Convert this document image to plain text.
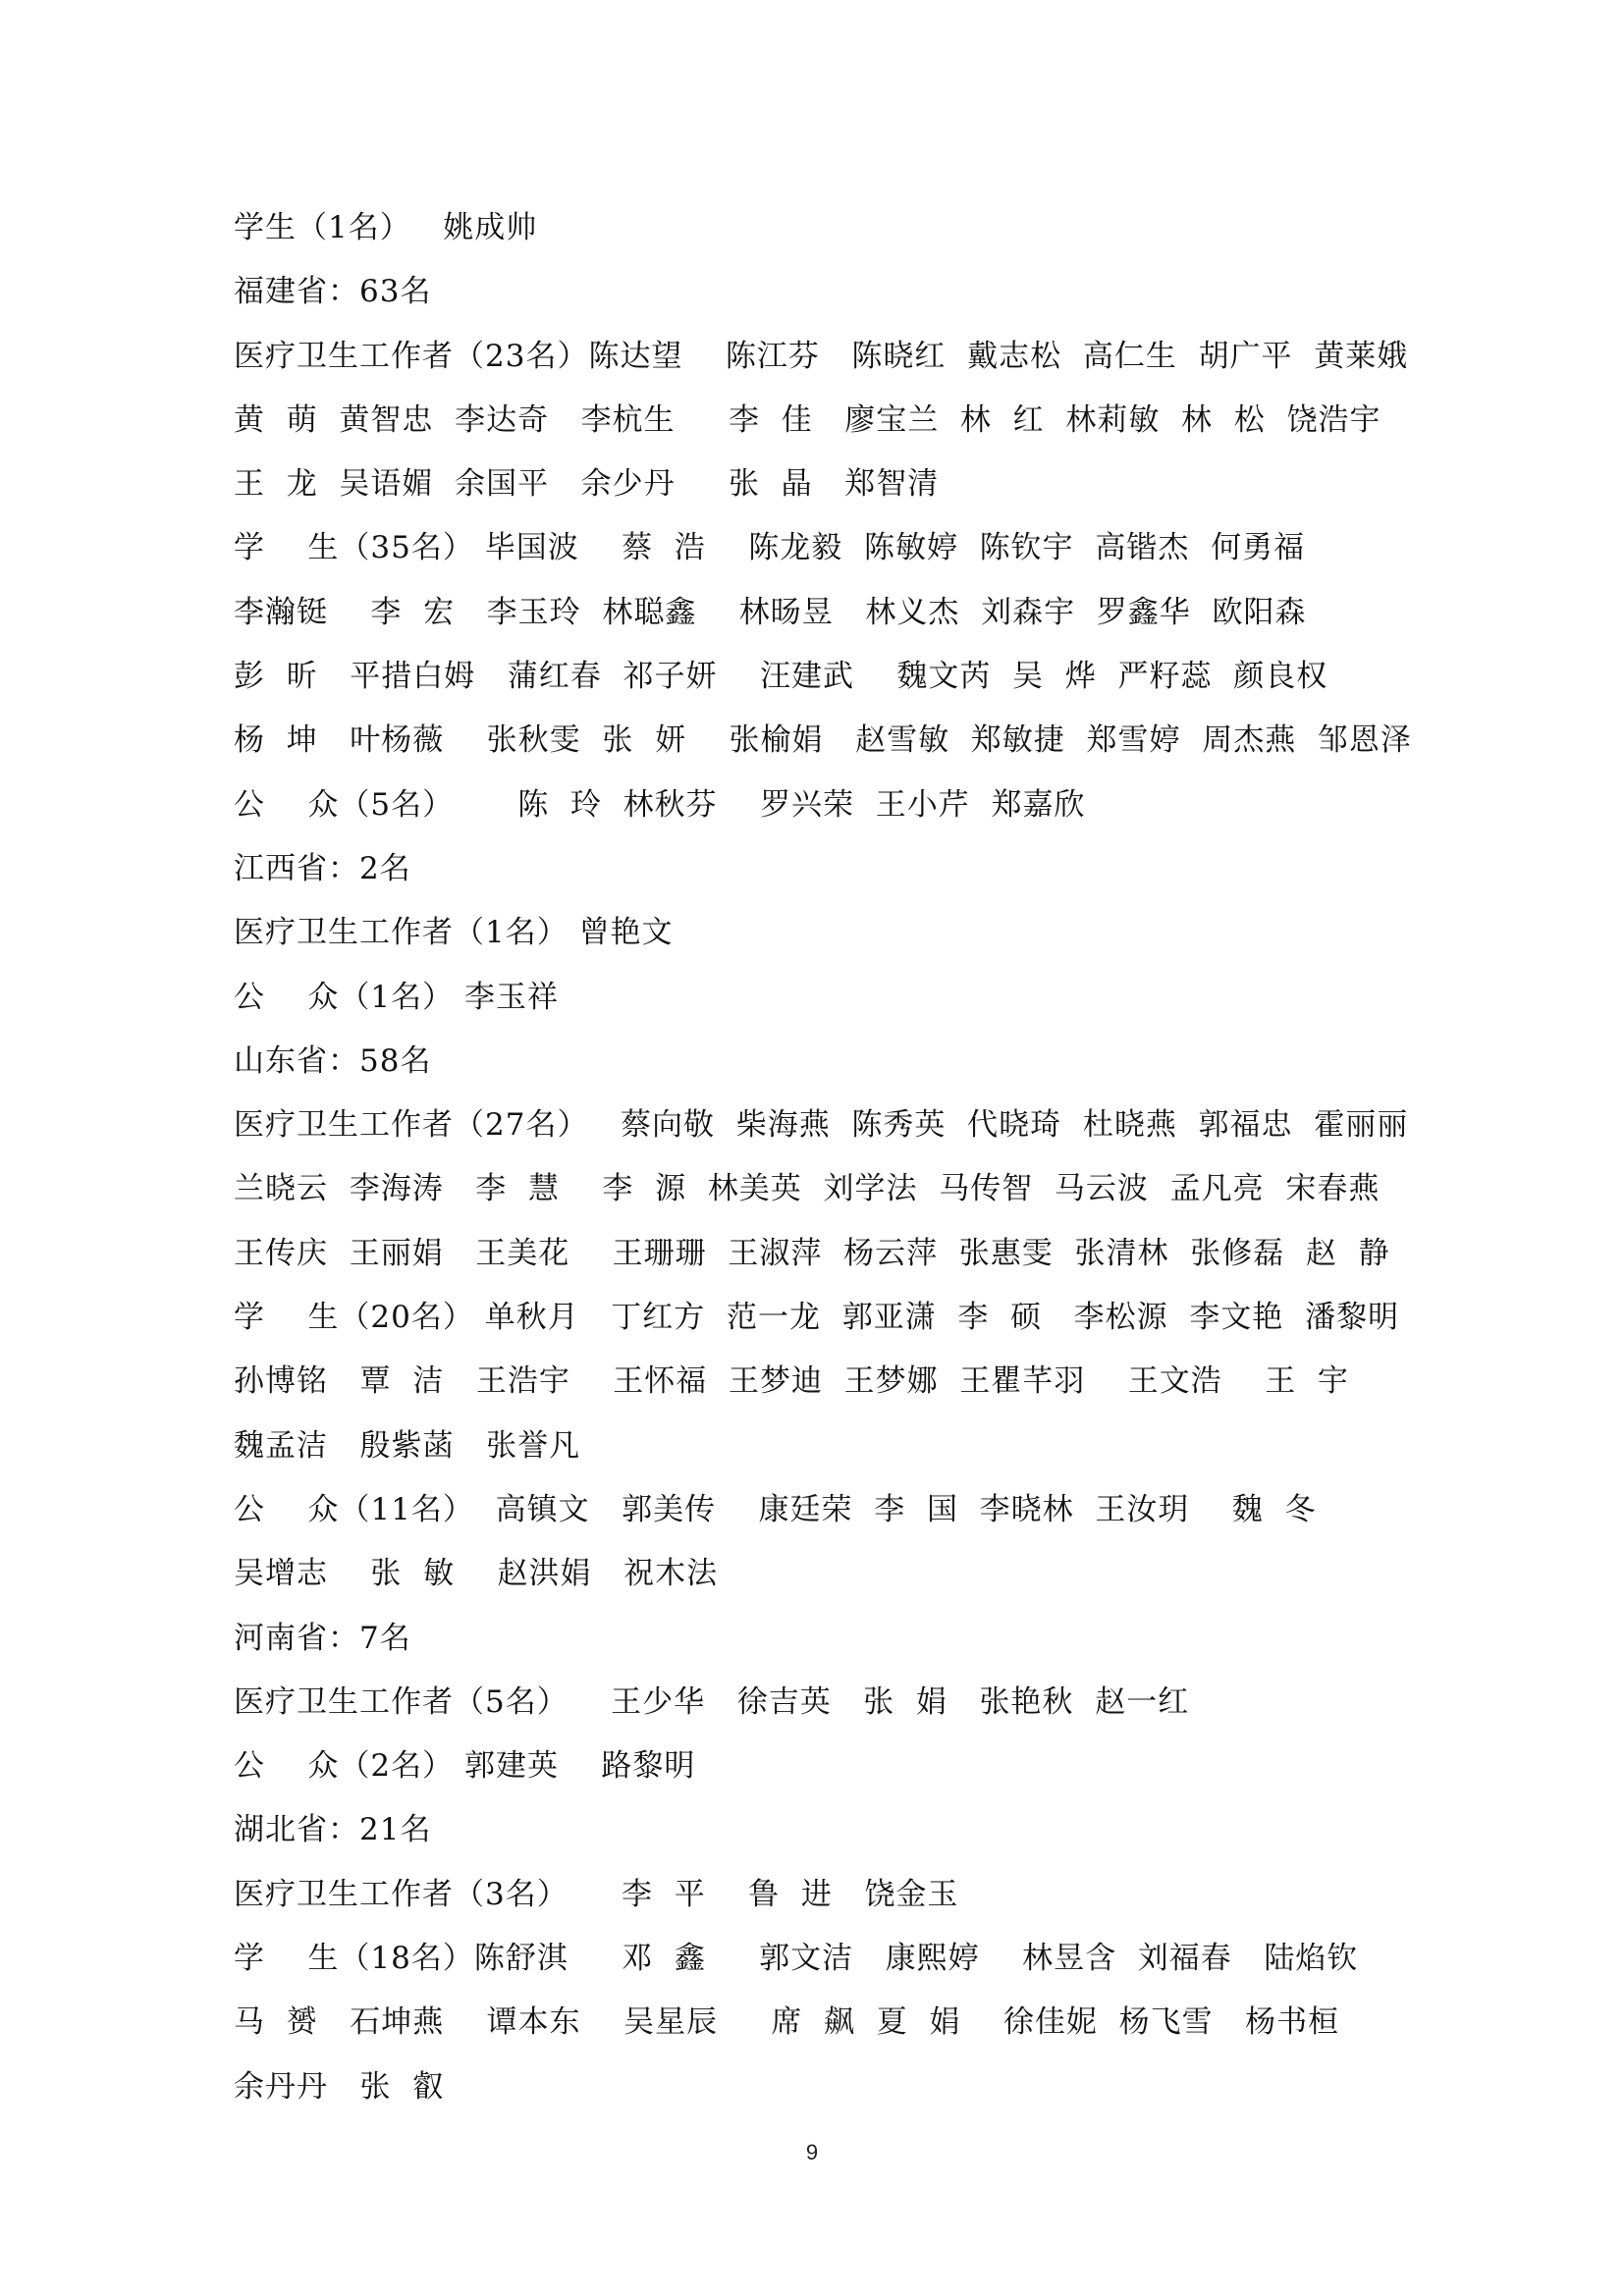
学生（1名）   姚成帅
福建省：63名
医疗卫生工作者（23名）陈达望    陈江芬   陈晓红  戴志松  高仁生  胡广平  黄莱娥
黄  萌  黄智忠  李达奇   李杭生     李  佳   廖宝兰  林  红  林莉敏  林  松  饶浩宇
王  龙  吴语媚  余国平   余少丹     张  晶   郑智清
学    生（35名） 毕国波    蔡  浩    陈龙毅  陈敏婷  陈钦宇  高锴杰  何勇福
李瀚铤    李  宏   李玉玲  林聪鑫    林旸昱   林义杰  刘森宇  罗鑫华  欧阳森
彭  昕   平措白姆   蒲红春  祁子妍    汪建武    魏文芮  吴  烨  严籽蕊  颜良权
杨  坤   叶杨薇    张秋雯  张  妍    张榆娟   赵雪敏  郑敏捷  郑雪婷  周杰燕  邹恩泽
公    众（5名）      陈  玲  林秋芬    罗兴荣  王小芹  郑嘉欣
江西省：2名
医疗卫生工作者（1名） 曾艳文
公    众（1名） 李玉祥
山东省：58名
医疗卫生工作者（27名）   蔡向敬  柴海燕  陈秀英  代晓琦  杜晓燕  郭福忠  霍丽丽
兰晓云  李海涛   李  慧    李  源  林美英  刘学法  马传智  马云波  孟凡亮  宋春燕
王传庆  王丽娟   王美花    王珊珊  王淑萍  杨云萍  张惠雯  张清林  张修磊  赵  静
学    生（20名） 单秋月   丁红方  范一龙  郭亚潇  李  硕   李松源  李文艳  潘黎明
孙博铭   覃  洁   王浩宇    王怀福  王梦迪  王梦娜  王瞿芊羽    王文浩    王  宇
魏孟洁   殷紫菡   张誉凡
公    众（11名）  高镇文   郭美传    康廷荣  李  国  李晓林  王汝玥    魏  冬
吴增志    张  敏    赵洪娟   祝木法
河南省：7名
医疗卫生工作者（5名）    王少华   徐吉英   张  娟   张艳秋  赵一红
公    众（2名） 郭建英    路黎明
湖北省：21名
医疗卫生工作者（3名）     李  平    鲁  进   饶金玉
学    生（18名）陈舒淇     邓  鑫     郭文洁   康熙婷    林昱含  刘福春   陆焰钦
马  赟   石坤燕    谭本东    吴星辰     席  飙  夏  娟    徐佳妮  杨飞雪   杨书桓
余丹丹   张  叡
9
